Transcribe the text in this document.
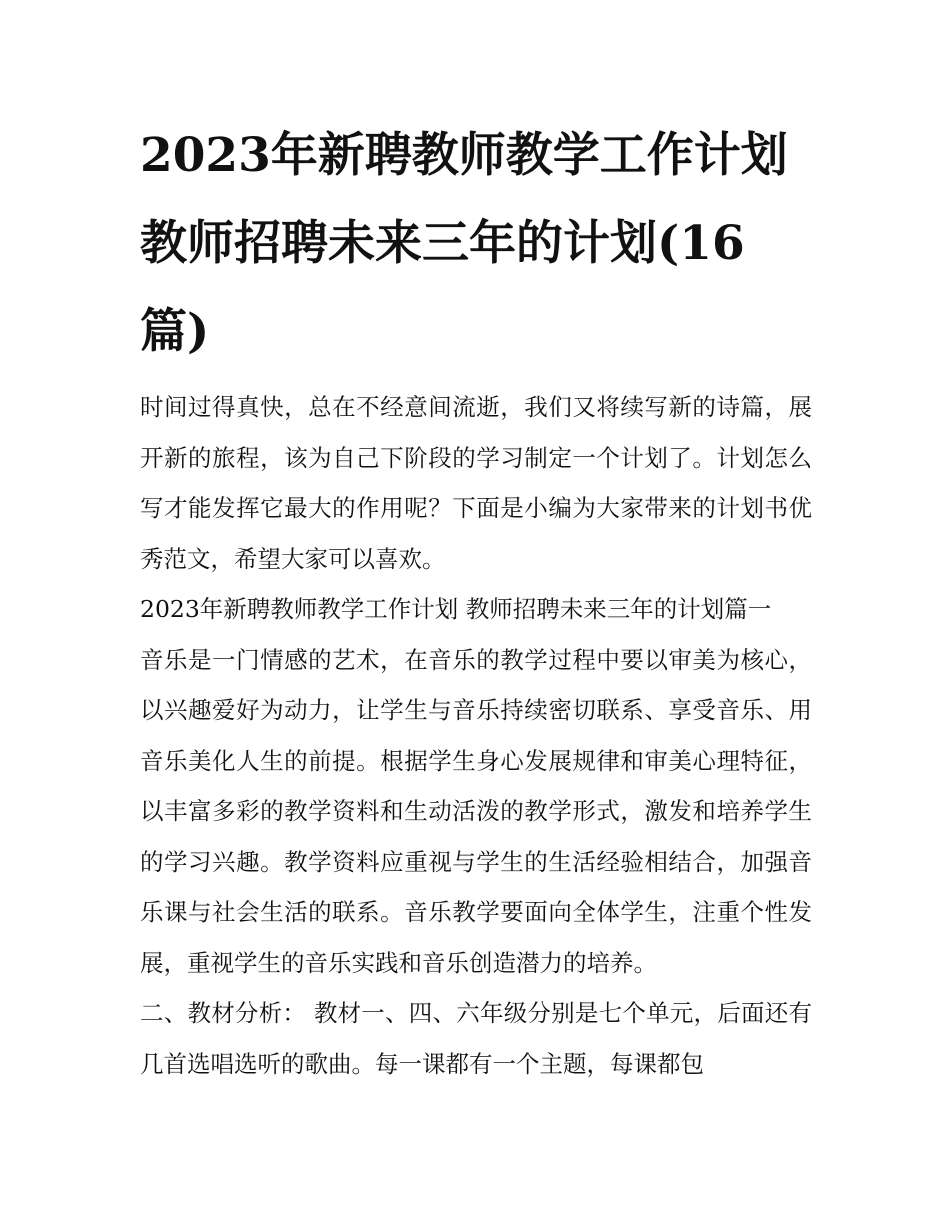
2023年新聘教师教学工作计划 教师招聘未来三年的计划(16篇)

时间过得真快，总在不经意间流逝，我们又将续写新的诗篇，展开新的旅程，该为自己下阶段的学习制定一个计划了。计划怎么写才能发挥它最大的作用呢？下面是小编为大家带来的计划书优秀范文，希望大家可以喜欢。

2023年新聘教师教学工作计划 教师招聘未来三年的计划篇一

音乐是一门情感的艺术，在音乐的教学过程中要以审美为核心，以兴趣爱好为动力，让学生与音乐持续密切联系、享受音乐、用音乐美化人生的前提。根据学生身心发展规律和审美心理特征，以丰富多彩的教学资料和生动活泼的教学形式，激发和培养学生的学习兴趣。教学资料应重视与学生的生活经验相结合，加强音乐课与社会生活的联系。音乐教学要面向全体学生，注重个性发展，重视学生的音乐实践和音乐创造潜力的培养。

二、教材分析： 教材一、四、六年级分别是七个单元，后面还有几首选唱选听的歌曲。每一课都有一个主题，每课都包
